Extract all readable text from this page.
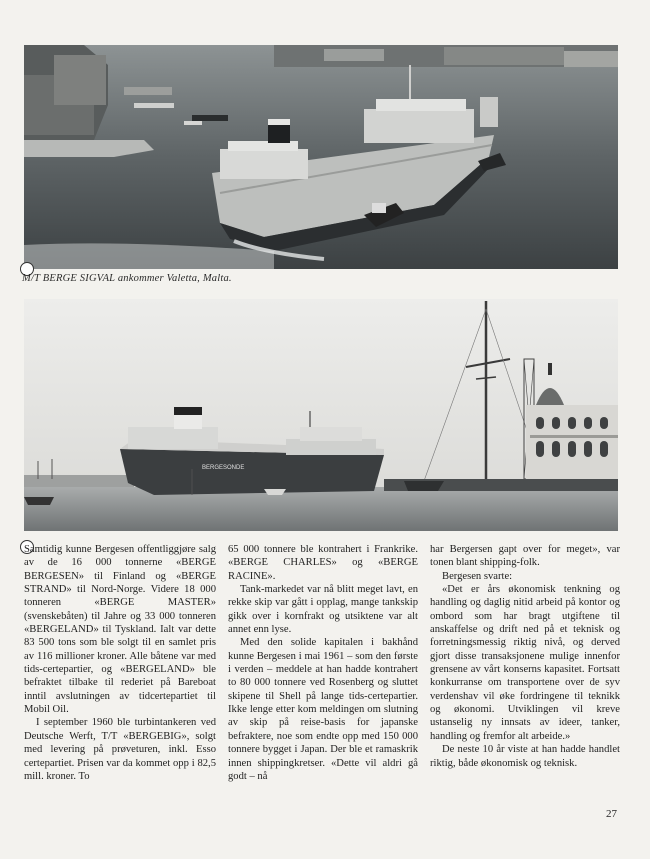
M/T BERGE SIGVAL ankommer Valetta, Malta.
BERGESONDE

Samtidig kunne Bergesen offentliggjøre salg av de 16 000 tonnerne «BERGE BERGESEN» til Finland og «BERGE STRAND» til Nord-Norge. Videre 18 000 tonneren «BERGE MASTER» (svenskebåten) til Jahre og 33 000 tonneren «BERGELAND» til Tyskland. Ialt var dette 83 500 tons som ble solgt til en samlet pris av 116 millioner kroner. Alle båtene var med tids-certepartier, og «BERGELAND» ble befraktet tilbake til rederiet på Bareboat inntil avslutningen av tidcertepartiet til Mobil Oil.

I september 1960 ble turbintankeren ved Deutsche Werft, T/T «BERGEBIG», solgt med levering på prøveturen, inkl. Esso certepartiet. Prisen var da kommet opp i 82,5 mill. kroner. To

65 000 tonnere ble kontrahert i Frankrike. «BERGE CHARLES» og «BERGE RACINE».

Tank-markedet var nå blitt meget lavt, en rekke skip var gått i opplag, mange tankskip gikk over i kornfrakt og utsiktene var alt annet enn lyse.

Med den solide kapitalen i bakhånd kunne Bergesen i mai 1961 – som den første i verden – meddele at han hadde kontrahert to 80 000 tonnere ved Rosenberg og sluttet skipene til Shell på lange tids-certepartier. Ikke lenge etter kom meldingen om slutning av skip på reise-basis for japanske befraktere, noe som endte opp med 150 000 tonnere bygget i Japan. Der ble et ramaskrik innen shippingkretser. «Dette vil aldri gå godt – nå

har Bergersen gapt over for meget», var tonen blant shipping-folk.

Bergesen svarte:

«Det er års økonomisk tenkning og handling og daglig nitid arbeid på kontor og ombord som har bragt utgiftene til anskaffelse og drift ned på et teknisk og forretningsmessig riktig nivå, og derved gjort disse transaksjonene mulige innenfor grensene av vårt konserns kapasitet. Fortsatt konkurranse om transportene over de syv verdenshav vil øke fordringene til teknikk og økonomi. Utviklingen vil kreve ustanselig ny innsats av ideer, tanker, handling og fremfor alt arbeide.»

De neste 10 år viste at han hadde handlet riktig, både økonomisk og teknisk.

27
